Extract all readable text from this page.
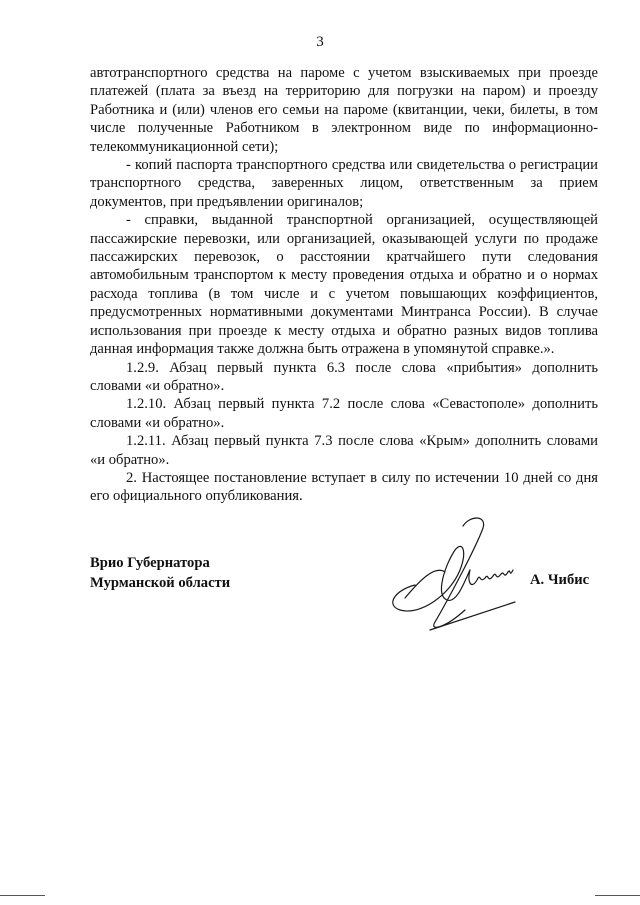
3

автотранспортного средства на пароме с учетом взыскиваемых при проезде платежей (плата за въезд на территорию для погрузки на паром) и проезду Работника и (или) членов его семьи на пароме (квитанции, чеки, билеты, в том числе полученные Работником в электронном виде по информационно-телекоммуникационной сети);

- копий паспорта транспортного средства или свидетельства о регистрации транспортного средства, заверенных лицом, ответственным за прием документов, при предъявлении оригиналов;

- справки, выданной транспортной организацией, осуществляющей пассажирские перевозки, или организацией, оказывающей услуги по продаже пассажирских перевозок, о расстоянии кратчайшего пути следования автомобильным транспортом к месту проведения отдыха и обратно и о нормах расхода топлива (в том числе и с учетом повышающих коэффициентов, предусмотренных нормативными документами Минтранса России). В случае использования при проезде к месту отдыха и обратно разных видов топлива данная информация также должна быть отражена в упомянутой справке.».

1.2.9. Абзац первый пункта 6.3 после слова «прибытия» дополнить словами «и обратно».

1.2.10. Абзац первый пункта 7.2 после слова «Севастополе» дополнить словами «и обратно».

1.2.11. Абзац первый пункта 7.3 после слова «Крым» дополнить словами «и обратно».

2. Настоящее постановление вступает в силу по истечении 10 дней со дня его официального опубликования.

Врио Губернатора
Мурманской области	А. Чибис
